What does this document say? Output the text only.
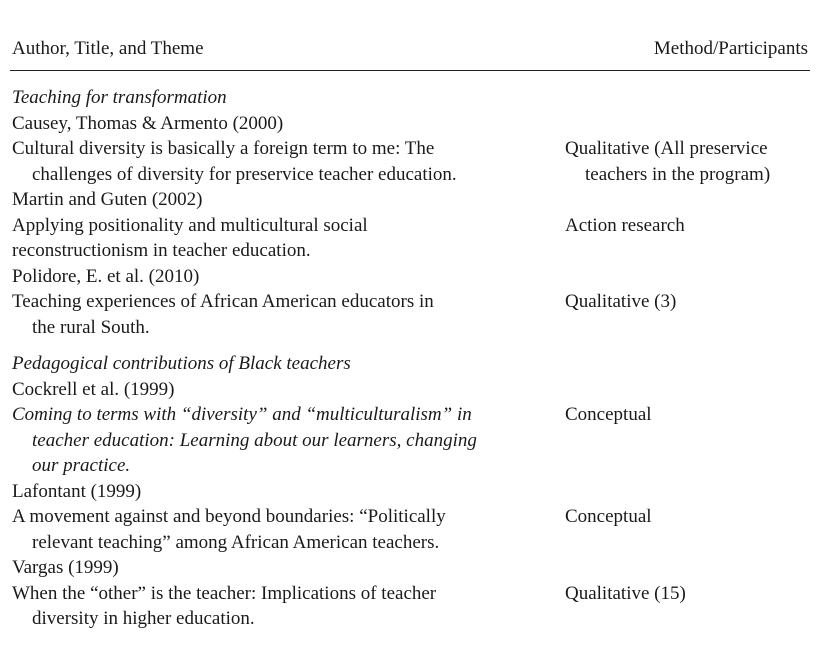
Author, Title, and Theme	Method/Participants
Teaching for transformation
Causey, Thomas & Armento (2000)
Cultural diversity is basically a foreign term to me: The
challenges of diversity for preservice teacher education.
Qualitative (All preservice
teachers in the program)
Martin and Guten (2002)
Applying positionality and multicultural social
reconstructionism in teacher education.
Action research
Polidore, E. et al. (2010)
Teaching experiences of African American educators in
the rural South.
Qualitative (3)
Pedagogical contributions of Black teachers
Cockrell et al. (1999)
Coming to terms with “diversity” and “multiculturalism” in
teacher education: Learning about our learners, changing
our practice.
Conceptual
Lafontant (1999)
A movement against and beyond boundaries: “Politically
relevant teaching” among African American teachers.
Conceptual
Vargas (1999)
When the “other” is the teacher: Implications of teacher
diversity in higher education.
Qualitative (15)
